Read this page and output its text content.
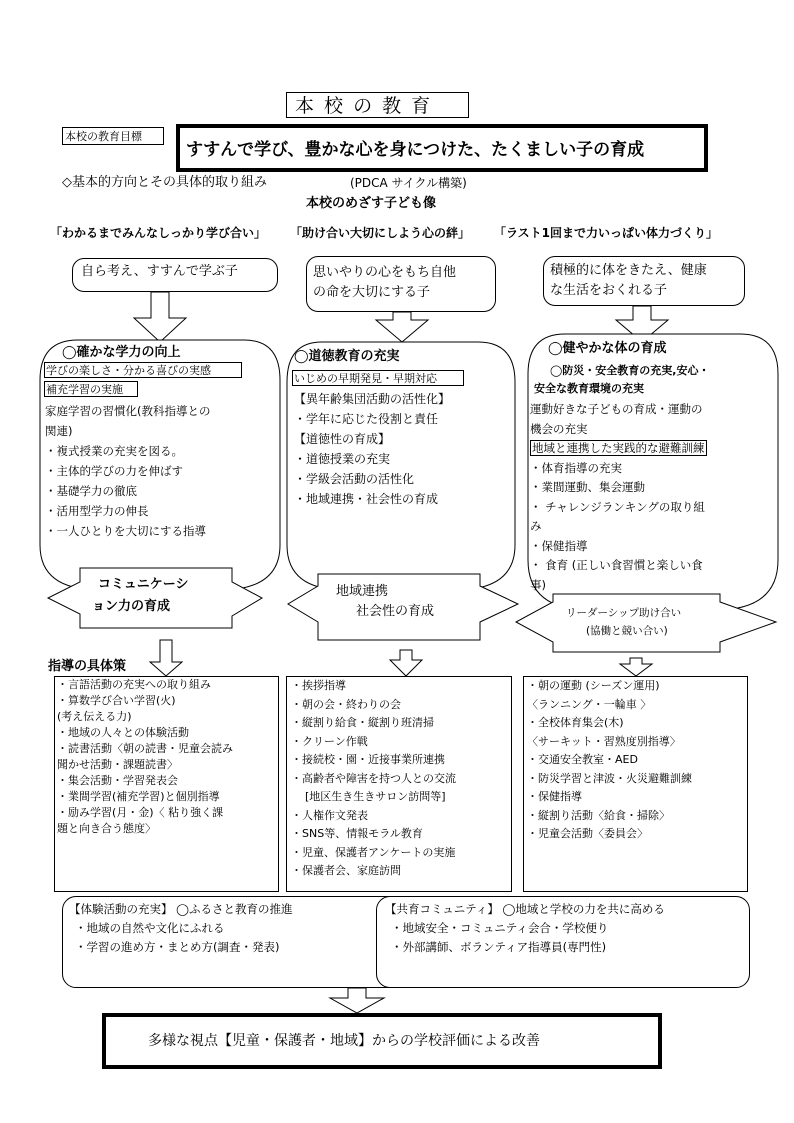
本 校 の 教 育
本校の教育目標
すすんで学び、豊かな心を身につけた、たくましい子の育成
◇基本的方向とその具体的取り組み	(PDCA サイクル構築)
本校のめざす子ども像
「わかるまでみんなしっかり学び合い」 「助け合い大切にしよう心の絆」 「ラスト1回まで力いっぱい体力づくり」
自ら考え、すすんで学ぶ子	思いやりの心をもち自他
の命を大切にする子
積極的に体をきたえ、健康
な生活をおくれる子
◯確かな学力の向上
学びの楽しさ・分かる喜びの実感
補充学習の実施
家庭学習の習慣化(教科指導との
関連)
・複式授業の充実を図る。
・主体的学びの力を伸ばす
・基礎学力の徹底
・活用型学力の伸長
・一人ひとりを大切にする指導
◯道徳教育の充実
いじめの早期発見・早期対応
【異年齢集団活動の活性化】
・学年に応じた役割と責任
【道徳性の育成】
・道徳授業の充実
・学級会活動の活性化
・地域連携・社会性の育成
◯健やかな体の育成
◯防災・安全教育の充実,安心・
安全な教育環境の充実
運動好きな子どもの育成・運動の
機会の充実
地域と連携した実践的な避難訓練
・体育指導の充実
・業間運動、集会運動
・ チャレンジランキングの取り組
み
・保健指導
・ 食育 (正しい食習慣と楽しい食
事)
コミュニケーシ
ョン力の育成
地域連携
社会性の育成	リーダーシップ助け合い
(協働と競い合い)
指導の具体策
・言語活動の充実への取り組み
・算数学び合い学習(火)
(考え伝える力)
・地域の人々との体験活動
・読書活動〈朝の読書・児童会読み
聞かせ活動・課題読書〉
・集会活動・学習発表会
・業間学習(補充学習)と個別指導
・励み学習(月・金)〈 粘り強く課
題と向き合う態度〉
・挨拶指導
・朝の会・終わりの会
・縦割り給食・縦割り班清掃
・クリーン作戦
・接続校・園・近接事業所連携
・高齢者や障害を持つ人との交流
[地区生き生きサロン訪問等]
・人権作文発表
・SNS等、情報モラル教育
・児童、保護者アンケートの実施
・保護者会、家庭訪問
・朝の運動 (シーズン運用)
〈ランニング・一輪車 〉
・全校体育集会(木)
〈サーキット・習熟度別指導〉
・交通安全教室・AED
・防災学習と津波・火災避難訓練
・保健指導
・縦割り活動〈給食・掃除〉
・児童会活動〈委員会〉
【体験活動の充実】 ◯ふるさと教育の推進
・地域の自然や文化にふれる
・学習の進め方・まとめ方(調査・発表)
【共育コミュニティ】 ◯地域と学校の力を共に高める
・地域安全・コミュニティ会合・学校便り
・外部講師、ボランティア指導員(専門性)
多様な視点【児童・保護者・地域】からの学校評価による改善
